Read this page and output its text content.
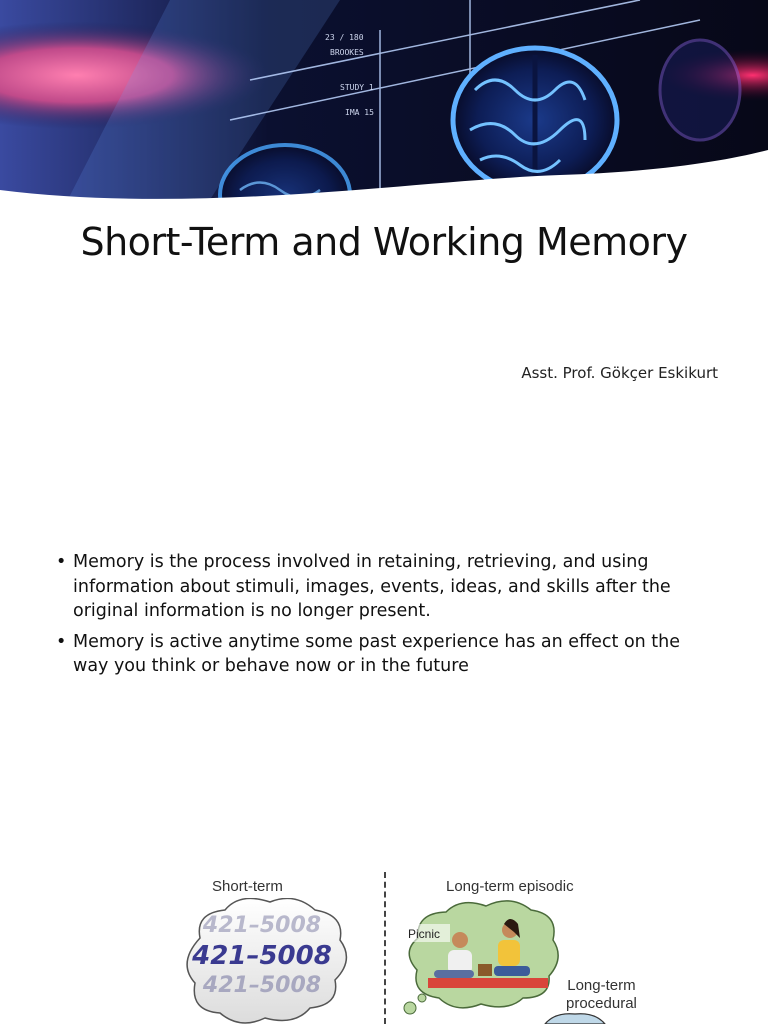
23 / 180
BROOKES
STUDY 1
IMA 15
Short-Term and Working Memory
Asst. Prof. Gökçer Eskikurt
• Memory is the process involved in retaining, retrieving, and using information about stimuli, images, events, ideas, and skills after the original information is no longer present.
• Memory is active anytime some past experience has an effect on the way you think or behave now or in the future
Short-term	Long-term episodic
Long-term
procedural
421–5008
421–5008
421–5008
Picnic
